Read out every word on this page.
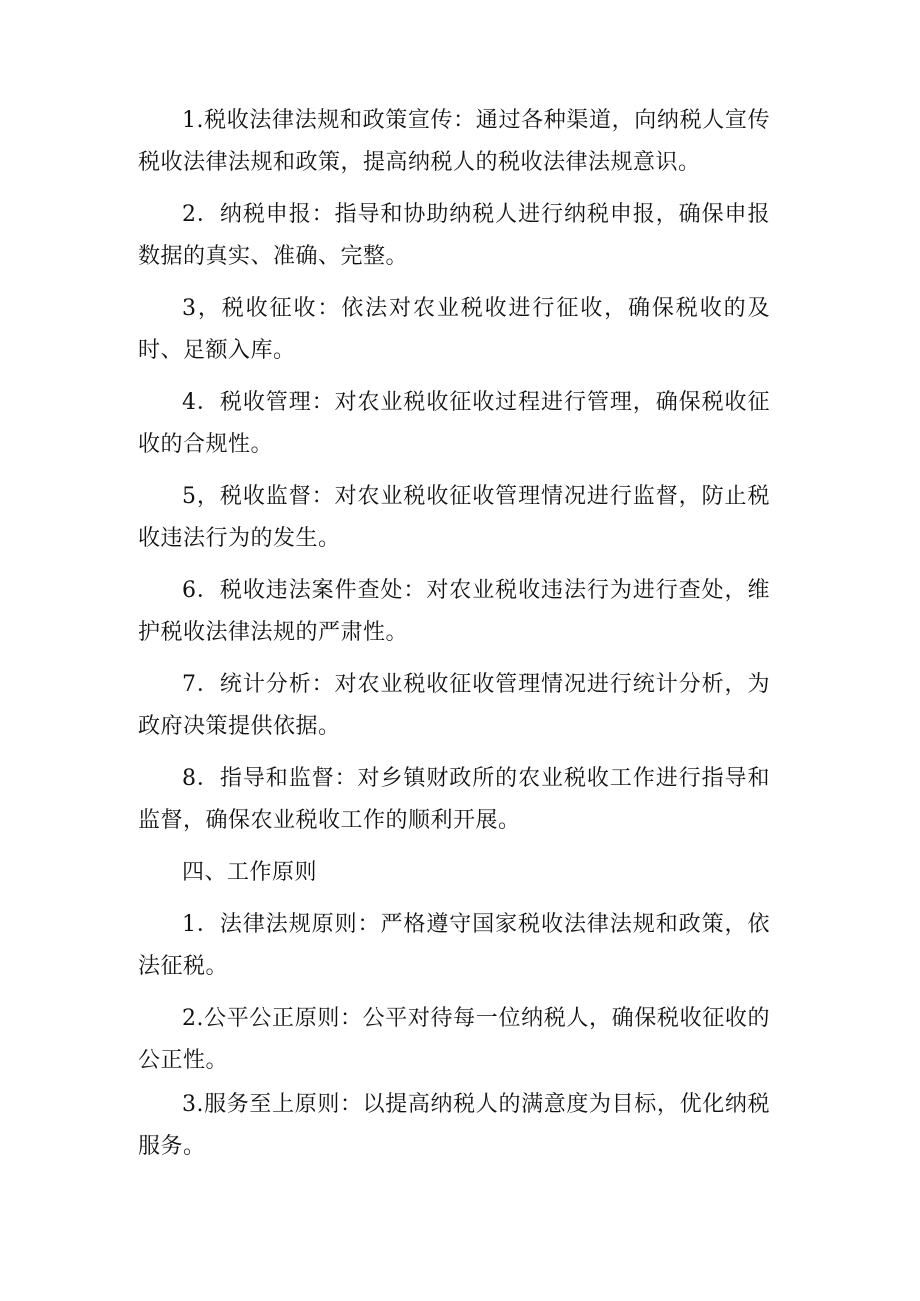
1.税收法律法规和政策宣传：通过各种渠道，向纳税人宣传税收法律法规和政策，提高纳税人的税收法律法规意识。

2．纳税申报：指导和协助纳税人进行纳税申报，确保申报数据的真实、准确、完整。

3，税收征收：依法对农业税收进行征收，确保税收的及时、足额入库。

4．税收管理：对农业税收征收过程进行管理，确保税收征收的合规性。

5，税收监督：对农业税收征收管理情况进行监督，防止税收违法行为的发生。

6．税收违法案件查处：对农业税收违法行为进行查处，维护税收法律法规的严肃性。

7．统计分析：对农业税收征收管理情况进行统计分析，为政府决策提供依据。

8．指导和监督：对乡镇财政所的农业税收工作进行指导和监督，确保农业税收工作的顺利开展。

四、工作原则

1．法律法规原则：严格遵守国家税收法律法规和政策，依法征税。

2.公平公正原则：公平对待每一位纳税人，确保税收征收的公正性。

3.服务至上原则：以提高纳税人的满意度为目标，优化纳税服务。
